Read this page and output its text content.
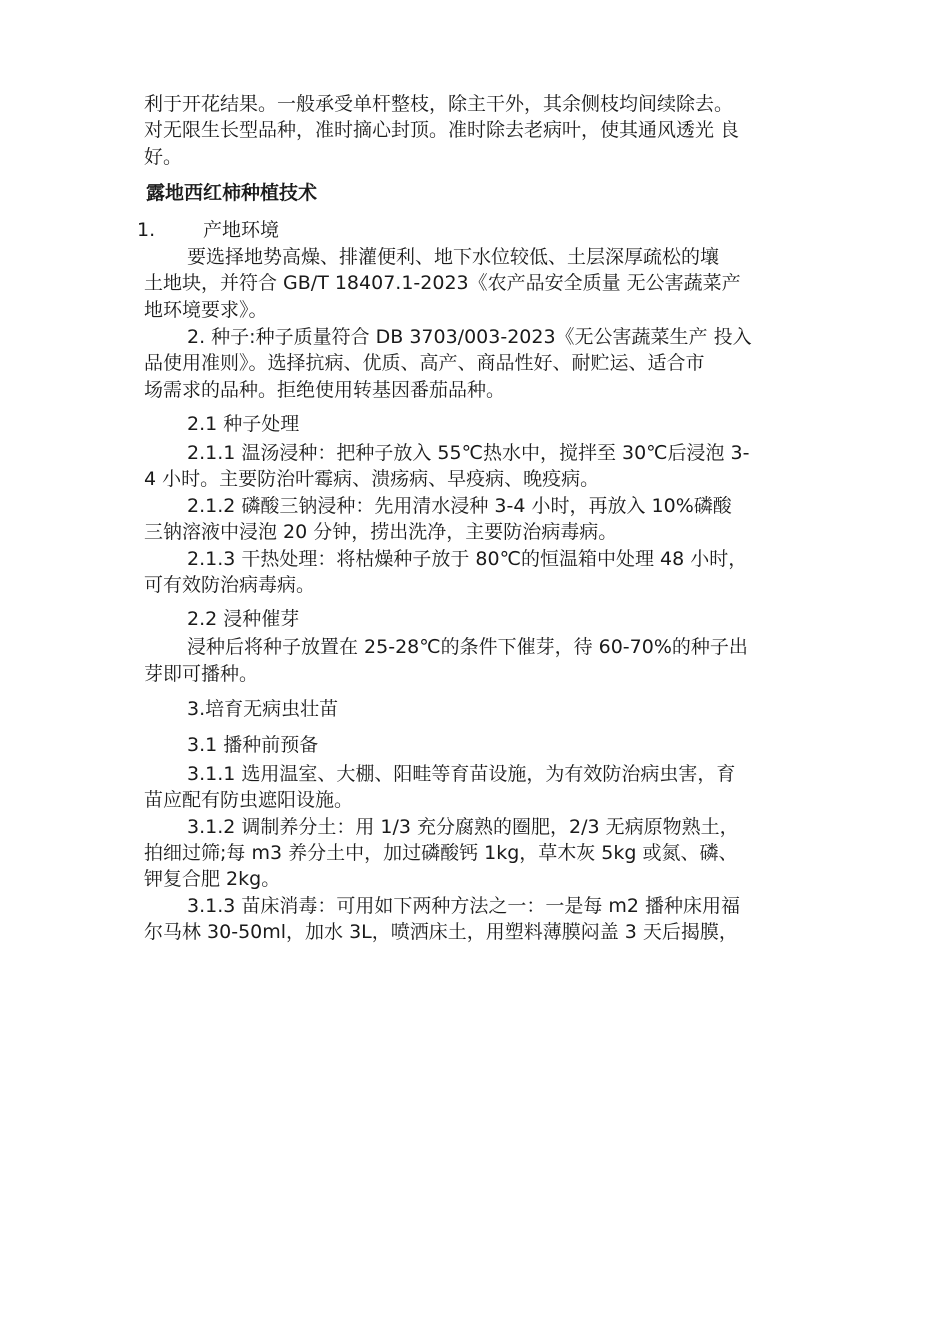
利于开花结果。一般承受单杆整枝，除主干外，其余侧枝均间续除去。
对无限生长型品种，准时摘心封顶。准时除去老病叶，使其通风透光 良
好。
露地西红柿种植技术
1.	产地环境
要选择地势高燥、排灌便利、地下水位较低、土层深厚疏松的壤
土地块，并符合 GB/T 18407.1-2023《农产品安全质量 无公害蔬菜产
地环境要求》。
2. 种子:种子质量符合 DB 3703/003-2023《无公害蔬菜生产 投入
品使用准则》。选择抗病、优质、高产、商品性好、耐贮运、适合市
场需求的品种。拒绝使用转基因番茄品种。
2.1 种子处理
2.1.1 温汤浸种：把种子放入 55℃热水中，搅拌至 30℃后浸泡 3-
4 小时。主要防治叶霉病、溃疡病、早疫病、晚疫病。
2.1.2 磷酸三钠浸种：先用清水浸种 3-4 小时，再放入 10%磷酸
三钠溶液中浸泡 20 分钟，捞出洗净，主要防治病毒病。
2.1.3 干热处理：将枯燥种子放于 80℃的恒温箱中处理 48 小时，
可有效防治病毒病。
2.2 浸种催芽
浸种后将种子放置在 25-28℃的条件下催芽，待 60-70%的种子出
芽即可播种。
3.培育无病虫壮苗
3.1 播种前预备
3.1.1 选用温室、大棚、阳畦等育苗设施，为有效防治病虫害，育
苗应配有防虫遮阳设施。
3.1.2 调制养分土：用 1/3 充分腐熟的圈肥，2/3 无病原物熟土，
拍细过筛;每 m3 养分土中，加过磷酸钙 1kg，草木灰 5kg 或氮、磷、
钾复合肥 2kg。
3.1.3 苗床消毒：可用如下两种方法之一：一是每 m2 播种床用福
尔马林 30-50ml，加水 3L，喷洒床土，用塑料薄膜闷盖 3 天后揭膜，
